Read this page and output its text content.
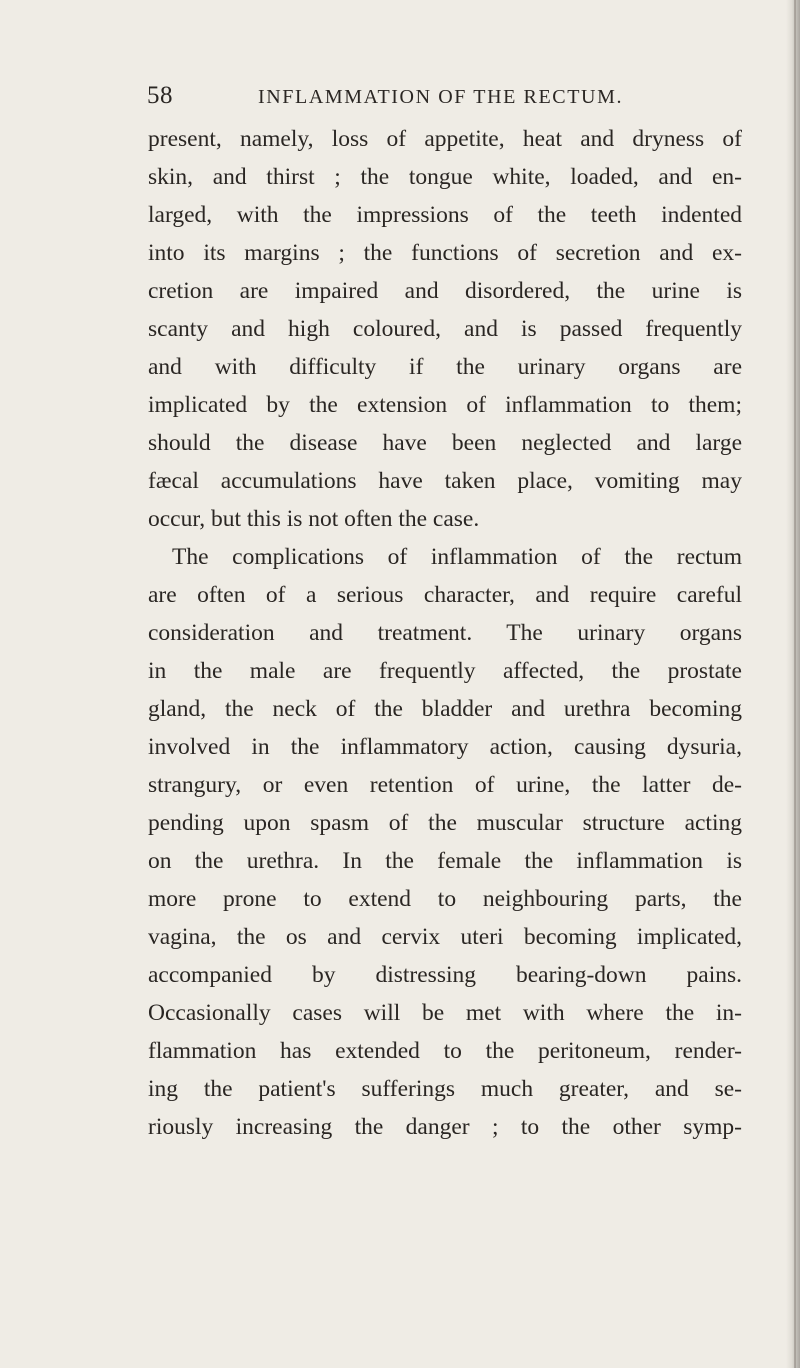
58	INFLAMMATION OF THE RECTUM.
present, namely, loss of appetite, heat and dryness of
skin, and thirst ; the tongue white, loaded, and en-
larged, with the impressions of the teeth indented
into its margins ; the functions of secretion and ex-
cretion are impaired and disordered, the urine is
scanty and high coloured, and is passed frequently
and with difficulty if the urinary organs are
implicated by the extension of inflammation to them;
should the disease have been neglected and large
fæcal accumulations have taken place, vomiting may
occur, but this is not often the case.
The complications of inflammation of the rectum
are often of a serious character, and require careful
consideration and treatment. The urinary organs
in the male are frequently affected, the prostate
gland, the neck of the bladder and urethra becoming
involved in the inflammatory action, causing dysuria,
strangury, or even retention of urine, the latter de-
pending upon spasm of the muscular structure acting
on the urethra. In the female the inflammation is
more prone to extend to neighbouring parts, the
vagina, the os and cervix uteri becoming implicated,
accompanied by distressing bearing-down pains.
Occasionally cases will be met with where the in-
flammation has extended to the peritoneum, render-
ing the patient's sufferings much greater, and se-
riously increasing the danger ; to the other symp-
